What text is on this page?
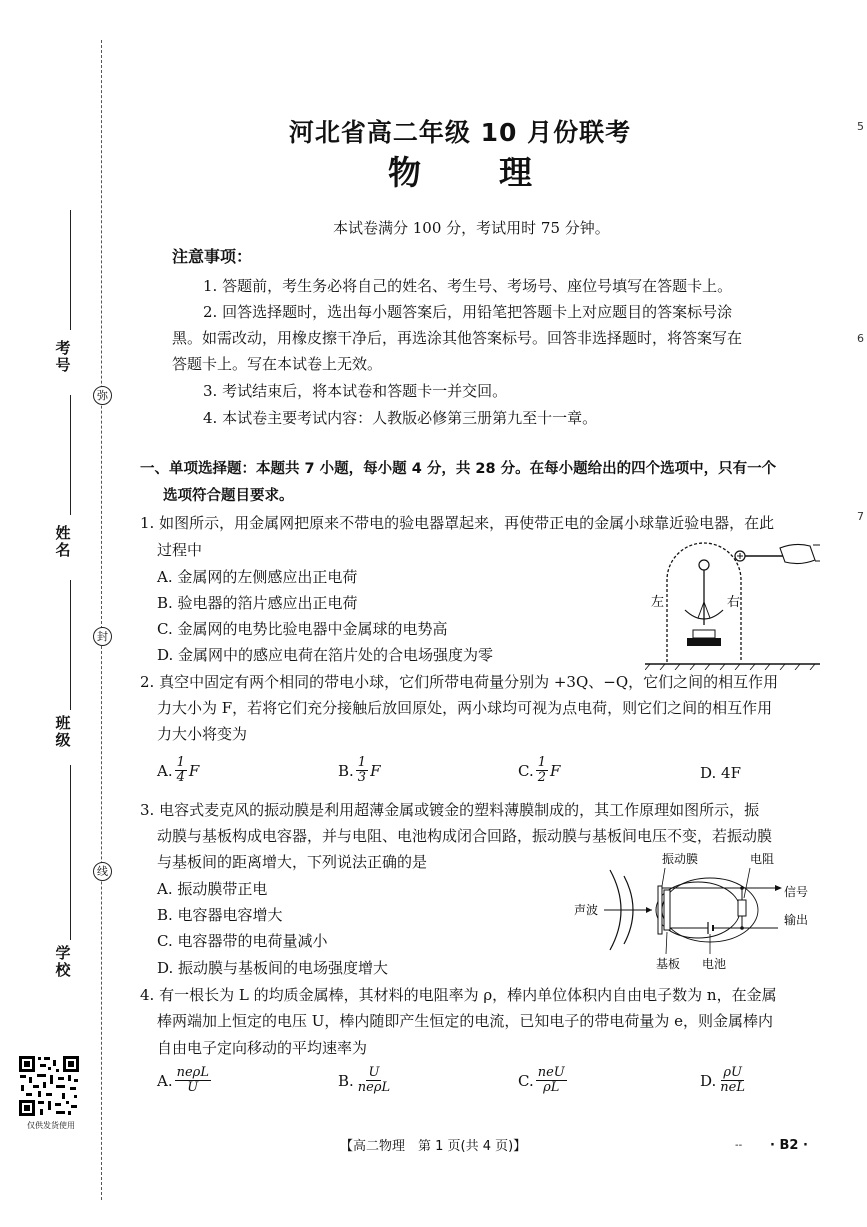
考号
姓名
班级
学校
弥
封
线
仅供发货使用
5
6
7
河北省高二年级 10 月份联考
物 理
本试卷满分 100 分，考试用时 75 分钟。
注意事项：
1. 答题前，考生务必将自己的姓名、考生号、考场号、座位号填写在答题卡上。
2. 回答选择题时，选出每小题答案后，用铅笔把答题卡上对应题目的答案标号涂
黑。如需改动，用橡皮擦干净后，再选涂其他答案标号。回答非选择题时，将答案写在
答题卡上。写在本试卷上无效。
3. 考试结束后，将本试卷和答题卡一并交回。
4. 本试卷主要考试内容：人教版必修第三册第九至十一章。
一、单项选择题：本题共 7 小题，每小题 4 分，共 28 分。在每小题给出的四个选项中，只有一个
选项符合题目要求。
1. 如图所示，用金属网把原来不带电的验电器罩起来，再使带正电的金属小球靠近验电器，在此
过程中
A. 金属网的左侧感应出正电荷
B. 验电器的箔片感应出正电荷
C. 金属网的电势比验电器中金属球的电势高
D. 金属网中的感应电荷在箔片处的合电场强度为零
左	右
2. 真空中固定有两个相同的带电小球，它们所带电荷量分别为 +3Q、−Q，它们之间的相互作用
力大小为 F，若将它们充分接触后放回原处，两小球均可视为点电荷，则它们之间的相互作用
力大小将变为
A. $\frac{1}{4}$ F	B. $\frac{1}{3}$ F	C. $\frac{1}{2}$ F	D. 4F
3. 电容式麦克风的振动膜是利用超薄金属或镀金的塑料薄膜制成的，其工作原理如图所示，振
动膜与基板构成电容器，并与电阻、电池构成闭合回路，振动膜与基板间电压不变，若振动膜
与基板间的距离增大，下列说法正确的是
A. 振动膜带正电
B. 电容器电容增大
C. 电容器带的电荷量减小
D. 振动膜与基板间的电场强度增大
振动膜	电阻
声波
信号
输出
基板 电池
4. 有一根长为 L 的均质金属棒，其材料的电阻率为 ρ，棒内单位体积内自由电子数为 n，在金属
棒两端加上恒定的电压 U，棒内随即产生恒定的电流，已知电子的带电荷量为 e，则金属棒内
自由电子定向移动的平均速率为
A. $\frac{\text{neρL}}{U}$	B. $\frac{U}{\text{neρL}}$	C. $\frac{\text{neU}}{\rho L}$	D. $\frac{\rho U}{\text{neL}}$
【高二物理　第 1 页(共 4 页)】	-- · B2 ·
